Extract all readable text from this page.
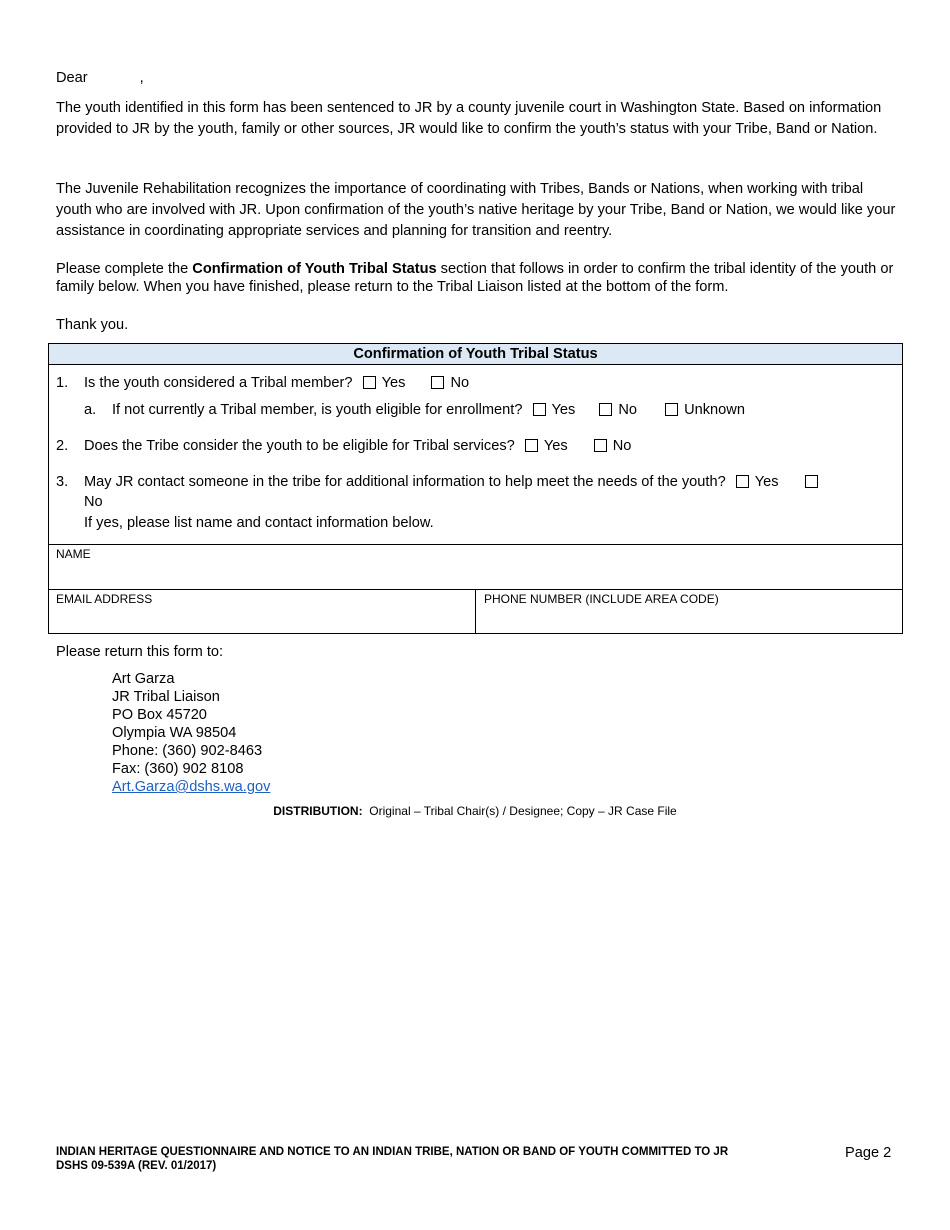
Dear	,
The youth identified in this form has been sentenced to JR by a county juvenile court in Washington State. Based on information provided to JR by the youth, family or other sources, JR would like to confirm the youth’s status with your Tribe, Band or Nation.
The Juvenile Rehabilitation recognizes the importance of coordinating with Tribes, Bands or Nations, when working with tribal youth who are involved with JR. Upon confirmation of the youth’s native heritage by your Tribe, Band or Nation, we would like your assistance in coordinating appropriate services and planning for transition and reentry.
Please complete the Confirmation of Youth Tribal Status section that follows in order to confirm the tribal identity of the youth or family below. When you have finished, please return to the Tribal Liaison listed at the bottom of the form.
Thank you.
Confirmation of Youth Tribal Status
1. Is the youth considered a Tribal member? Yes	No
a. If not currently a Tribal member, is youth eligible for enrollment? Yes	No	Unknown
2. Does the Tribe consider the youth to be eligible for Tribal services? Yes	No
3. May JR contact someone in the tribe for additional information to help meet the needs of the youth? Yes
No
If yes, please list name and contact information below.
NAME
EMAIL ADDRESS	PHONE NUMBER (INCLUDE AREA CODE)
Please return this form to:
Art Garza
JR Tribal Liaison
PO Box 45720
Olympia WA 98504
Phone: (360) 902-8463
Fax: (360) 902 8108
Art.Garza@dshs.wa.gov
DISTRIBUTION:  Original – Tribal Chair(s) / Designee; Copy – JR Case File
INDIAN HERITAGE QUESTIONNAIRE AND NOTICE TO AN INDIAN TRIBE, NATION OR BAND OF YOUTH COMMITTED TO JR
DSHS 09-539A (REV. 01/2017)
Page 2
